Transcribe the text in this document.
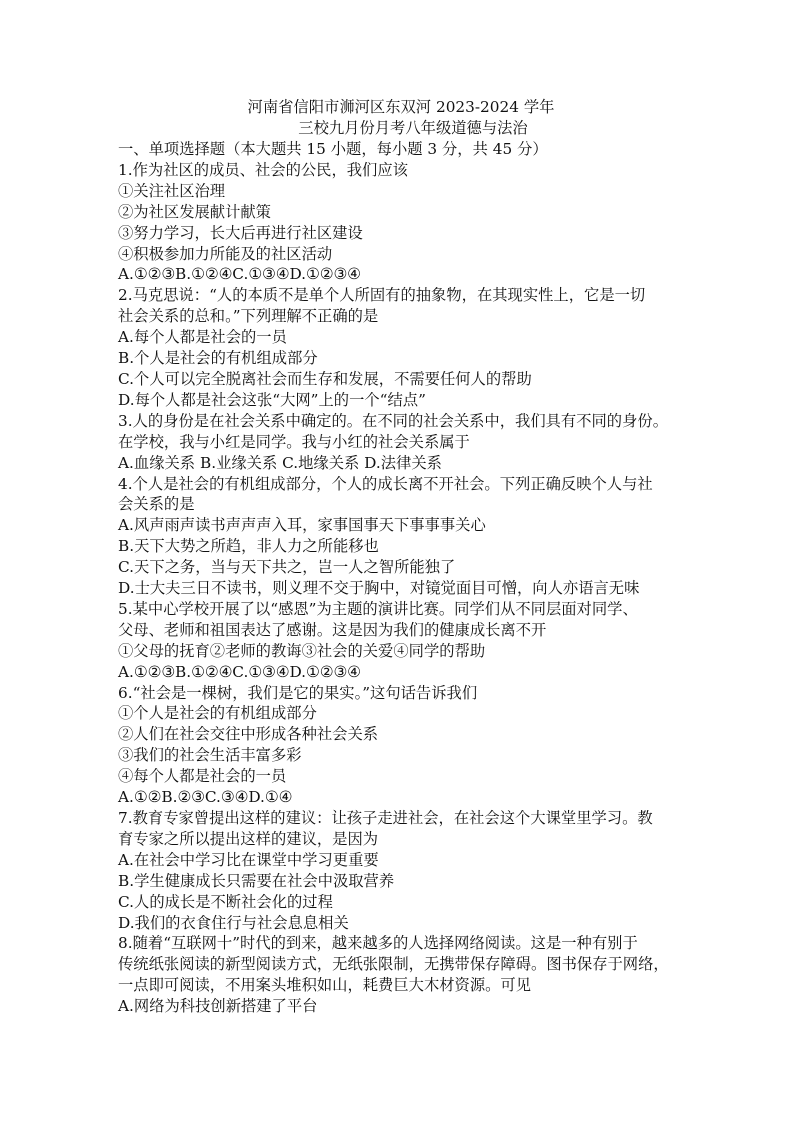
河南省信阳市浉河区东双河 2023-2024 学年
三校九月份月考八年级道德与法治
一、单项选择题（本大题共 15 小题，每小题 3 分，共 45 分）
1.作为社区的成员、社会的公民，我们应该
①关注社区治理
②为社区发展献计献策
③努力学习，长大后再进行社区建设
④积极参加力所能及的社区活动
A.①②③B.①②④C.①③④D.①②③④
2.马克思说：“人的本质不是单个人所固有的抽象物，在其现实性上，它是一切
社会关系的总和。”下列理解不正确的是
A.每个人都是社会的一员
B.个人是社会的有机组成部分
C.个人可以完全脱离社会而生存和发展，不需要任何人的帮助
D.每个人都是社会这张“大网”上的一个“结点”
3.人的身份是在社会关系中确定的。在不同的社会关系中，我们具有不同的身份。
在学校，我与小红是同学。我与小红的社会关系属于
A.血缘关系 B.业缘关系 C.地缘关系 D.法律关系
4.个人是社会的有机组成部分，个人的成长离不开社会。下列正确反映个人与社
会关系的是
A.风声雨声读书声声声入耳，家事国事天下事事事关心
B.天下大势之所趋，非人力之所能移也
C.天下之务，当与天下共之，岂一人之智所能独了
D.士大夫三日不读书，则义理不交于胸中，对镜觉面目可憎，向人亦语言无味
5.某中心学校开展了以“感恩”为主题的演讲比赛。同学们从不同层面对同学、
父母、老师和祖国表达了感谢。这是因为我们的健康成长离不开
①父母的抚育②老师的教诲③社会的关爱④同学的帮助
A.①②③B.①②④C.①③④D.①②③④
6.“社会是一棵树，我们是它的果实。”这句话告诉我们
①个人是社会的有机组成部分
②人们在社会交往中形成各种社会关系
③我们的社会生活丰富多彩
④每个人都是社会的一员
A.①②B.②③C.③④D.①④
7.教育专家曾提出这样的建议：让孩子走进社会，在社会这个大课堂里学习。教
育专家之所以提出这样的建议，是因为
A.在社会中学习比在课堂中学习更重要
B.学生健康成长只需要在社会中汲取营养
C.人的成长是不断社会化的过程
D.我们的衣食住行与社会息息相关
8.随着“互联网十”时代的到来，越来越多的人选择网络阅读。这是一种有别于
传统纸张阅读的新型阅读方式，无纸张限制，无携带保存障碍。图书保存于网络，
一点即可阅读，不用案头堆积如山，耗费巨大木材资源。可见
A.网络为科技创新搭建了平台
